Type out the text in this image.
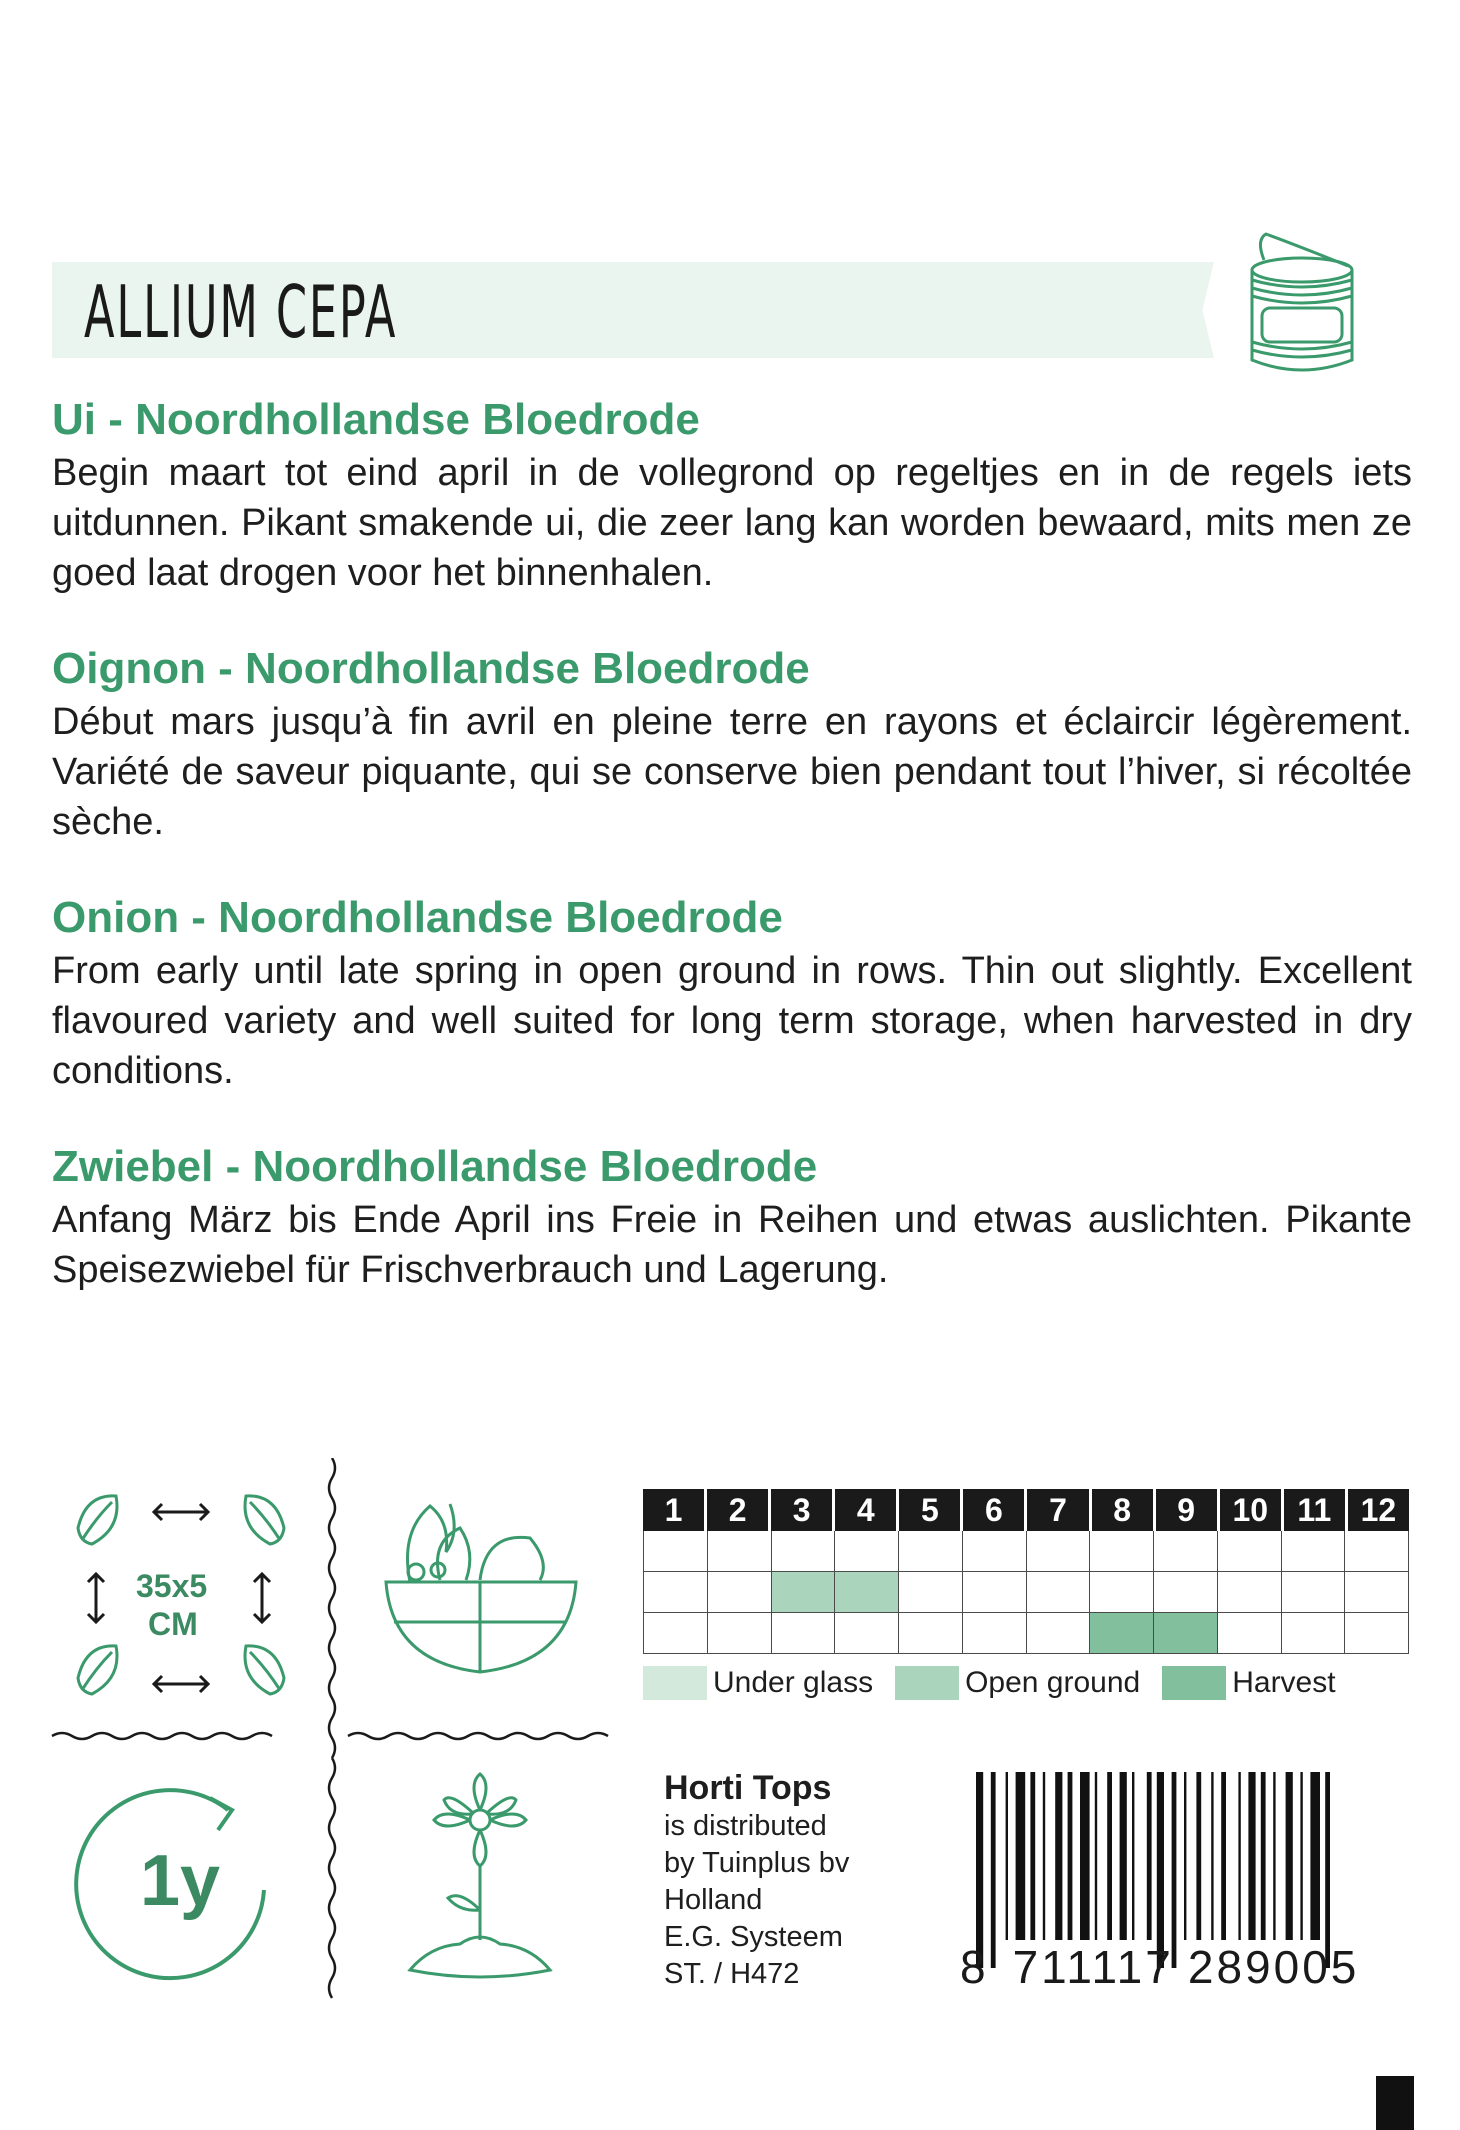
ALLIUM CEPA
Ui - Noordhollandse Bloedrode

Begin maart tot eind april in de vollegrond op regeltjes en in de regels iets uitdunnen. Pikant smakende ui, die zeer lang kan worden bewaard, mits men ze goed laat drogen voor het binnenhalen.

Oignon - Noordhollandse Bloedrode

Début mars jusqu’à fin avril en pleine terre en rayons et éclaircir légèrement. Variété de saveur piquante, qui se conserve bien pendant tout l’hiver, si récoltée sèche.

Onion - Noordhollandse Bloedrode

From early until late spring in open ground in rows. Thin out slightly. Excellent flavoured variety and well suited for long term storage, when harvested in dry conditions.

Zwiebel - Noordhollandse Bloedrode

Anfang März bis Ende April ins Freie in Reihen und etwas auslichten. Pikante Speisezwiebel für Frischverbrauch und Lagerung.

35x5
CM
1y
1	2	3	4	5	6	7	8	9	10 11 12
Under glass	Open ground	Harvest
Horti Tops
is distributed
by Tuinplus bv
Holland
E.G. Systeem
ST. / H472	8 711117 289005
